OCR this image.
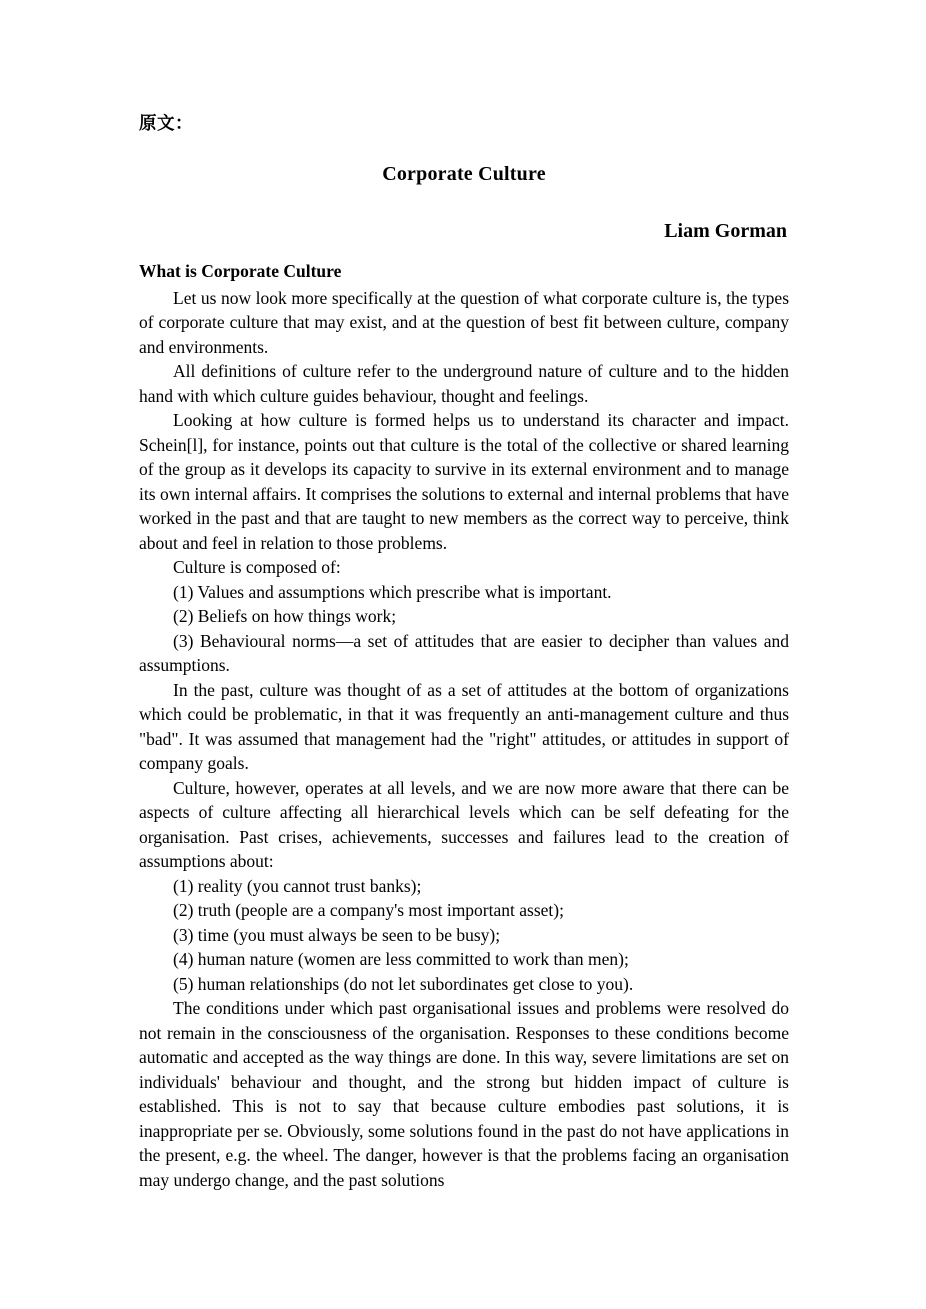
原文：
Corporate Culture
Liam Gorman
What is Corporate Culture

Let us now look more specifically at the question of what corporate culture is, the types of corporate culture that may exist, and at the question of best fit between culture, company and environments.

All definitions of culture refer to the underground nature of culture and to the hidden hand with which culture guides behaviour, thought and feelings.

Looking at how culture is formed helps us to understand its character and impact. Schein[l], for instance, points out that culture is the total of the collective or shared learning of the group as it develops its capacity to survive in its external environment and to manage its own internal affairs. It comprises the solutions to external and internal problems that have worked in the past and that are taught to new members as the correct way to perceive, think about and feel in relation to those problems.

Culture is composed of:

(1) Values and assumptions which prescribe what is important.

(2) Beliefs on how things work;

(3) Behavioural norms—a set of attitudes that are easier to decipher than values and assumptions.

In the past, culture was thought of as a set of attitudes at the bottom of organizations which could be problematic, in that it was frequently an anti-management culture and thus "bad". It was assumed that management had the "right" attitudes, or attitudes in support of company goals.

Culture, however, operates at all levels, and we are now more aware that there can be aspects of culture affecting all hierarchical levels which can be self defeating for the organisation. Past crises, achievements, successes and failures lead to the creation of assumptions about:

(1) reality (you cannot trust banks);

(2) truth (people are a company's most important asset);

(3) time (you must always be seen to be busy);

(4) human nature (women are less committed to work than men);

(5) human relationships (do not let subordinates get close to you).

The conditions under which past organisational issues and problems were resolved do not remain in the consciousness of the organisation. Responses to these conditions become automatic and accepted as the way things are done. In this way, severe limitations are set on individuals' behaviour and thought, and the strong but hidden impact of culture is established. This is not to say that because culture embodies past solutions, it is inappropriate per se. Obviously, some solutions found in the past do not have applications in the present, e.g. the wheel. The danger, however is that the problems facing an organisation may undergo change, and the past solutions
